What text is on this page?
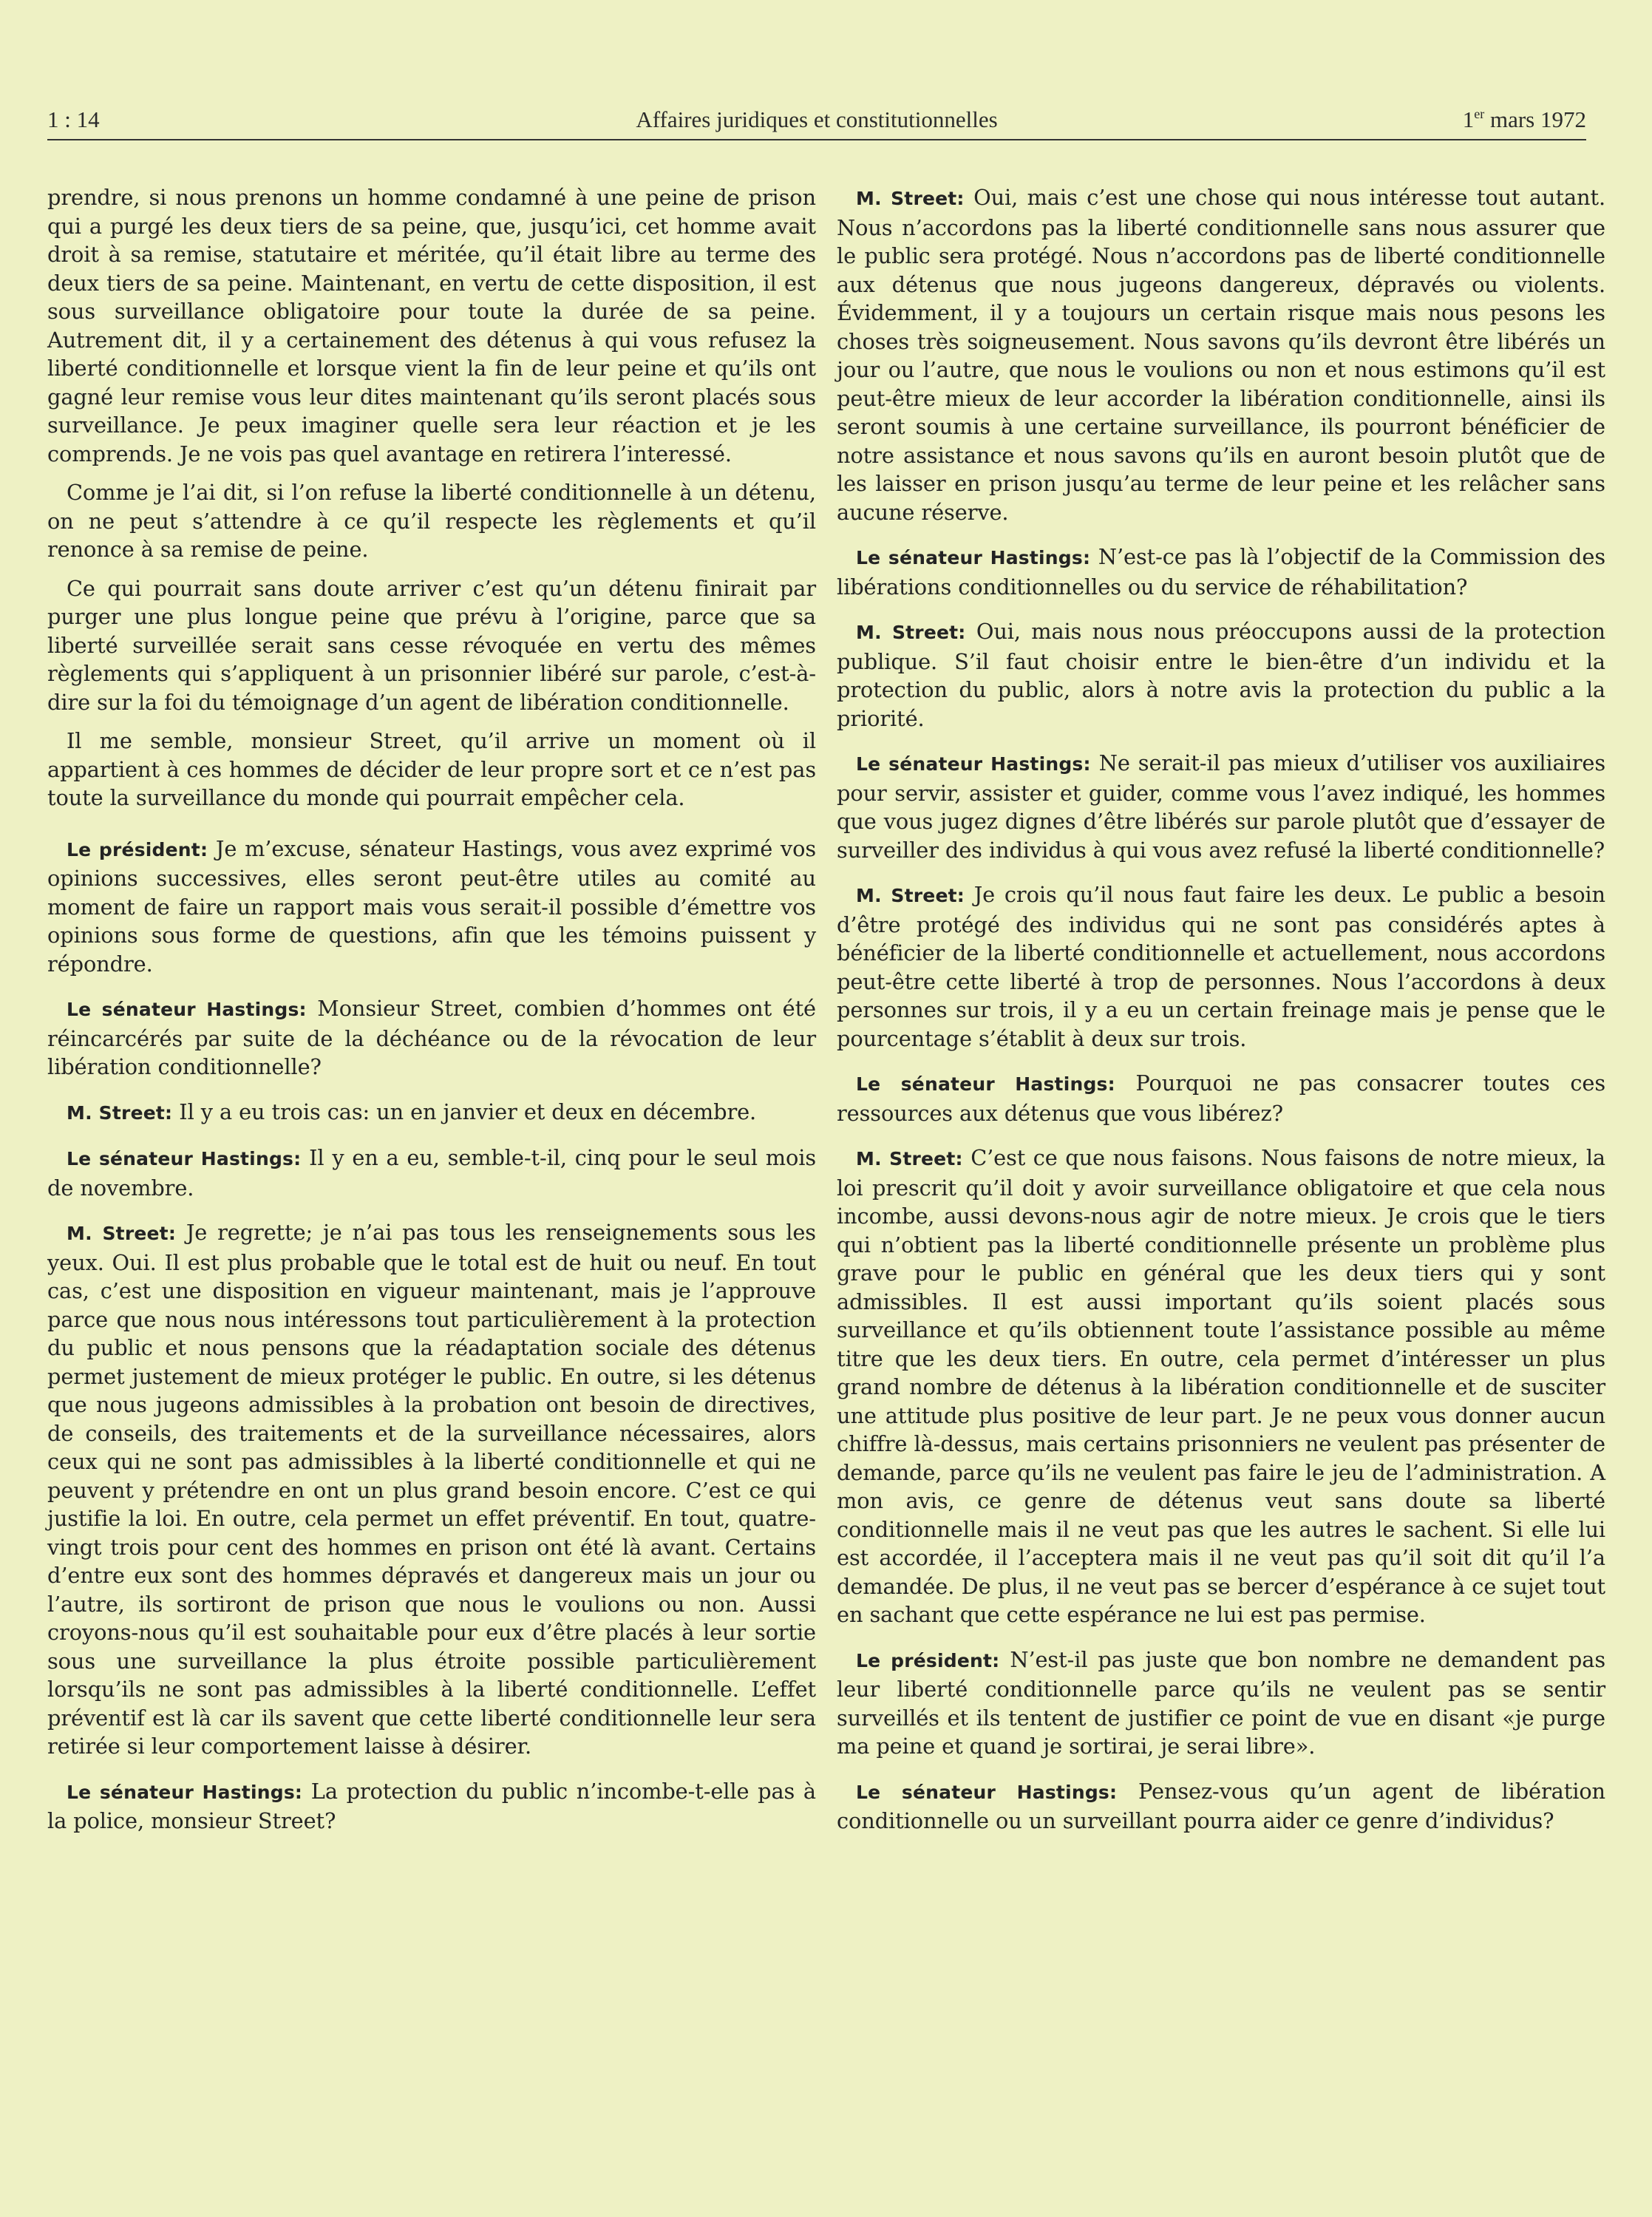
1 : 14	Affaires juridiques et constitutionnelles	1er mars 1972

prendre, si nous prenons un homme condamné à une peine de prison qui a purgé les deux tiers de sa peine, que, jusqu’ici, cet homme avait droit à sa remise, statutaire et méritée, qu’il était libre au terme des deux tiers de sa peine. Maintenant, en vertu de cette disposition, il est sous surveillance obligatoire pour toute la durée de sa peine. Autrement dit, il y a certainement des détenus à qui vous refusez la liberté conditionnelle et lorsque vient la fin de leur peine et qu’ils ont gagné leur remise vous leur dites maintenant qu’ils seront placés sous surveillance. Je peux imaginer quelle sera leur réaction et je les comprends. Je ne vois pas quel avantage en retirera l’interessé.

Comme je l’ai dit, si l’on refuse la liberté conditionnelle à un détenu, on ne peut s’attendre à ce qu’il respecte les règlements et qu’il renonce à sa remise de peine.

Ce qui pourrait sans doute arriver c’est qu’un détenu finirait par purger une plus longue peine que prévu à l’origine, parce que sa liberté surveillée serait sans cesse révoquée en vertu des mêmes règlements qui s’appliquent à un prisonnier libéré sur parole, c’est-à-dire sur la foi du témoignage d’un agent de libération conditionnelle.

Il me semble, monsieur Street, qu’il arrive un moment où il appartient à ces hommes de décider de leur propre sort et ce n’est pas toute la surveillance du monde qui pourrait empêcher cela.

Le président: Je m’excuse, sénateur Hastings, vous avez exprimé vos opinions successives, elles seront peut-être utiles au comité au moment de faire un rapport mais vous serait-il possible d’émettre vos opinions sous forme de questions, afin que les témoins puissent y répondre.

Le sénateur Hastings: Monsieur Street, combien d’hommes ont été réincarcérés par suite de la déchéance ou de la révocation de leur libération conditionnelle?

M. Street: Il y a eu trois cas: un en janvier et deux en décembre.

Le sénateur Hastings: Il y en a eu, semble-t-il, cinq pour le seul mois de novembre.

M. Street: Je regrette; je n’ai pas tous les renseignements sous les yeux. Oui. Il est plus probable que le total est de huit ou neuf. En tout cas, c’est une disposition en vigueur maintenant, mais je l’approuve parce que nous nous intéressons tout particulièrement à la protection du public et nous pensons que la réadaptation sociale des détenus permet justement de mieux protéger le public. En outre, si les détenus que nous jugeons admissibles à la probation ont besoin de directives, de conseils, des traitements et de la surveillance nécessaires, alors ceux qui ne sont pas admissibles à la liberté conditionnelle et qui ne peuvent y prétendre en ont un plus grand besoin encore. C’est ce qui justifie la loi. En outre, cela permet un effet préventif. En tout, quatre-vingt trois pour cent des hommes en prison ont été là avant. Certains d’entre eux sont des hommes dépravés et dangereux mais un jour ou l’autre, ils sortiront de prison que nous le voulions ou non. Aussi croyons-nous qu’il est souhaitable pour eux d’être placés à leur sortie sous une surveillance la plus étroite possible particulièrement lorsqu’ils ne sont pas admissibles à la liberté conditionnelle. L’effet préventif est là car ils savent que cette liberté conditionnelle leur sera retirée si leur comportement laisse à désirer.

Le sénateur Hastings: La protection du public n’incombe-t-elle pas à la police, monsieur Street?

M. Street: Oui, mais c’est une chose qui nous intéresse tout autant. Nous n’accordons pas la liberté conditionnelle sans nous assurer que le public sera protégé. Nous n’accordons pas de liberté conditionnelle aux détenus que nous jugeons dangereux, dépravés ou violents. Évidemment, il y a toujours un certain risque mais nous pesons les choses très soigneusement. Nous savons qu’ils devront être libérés un jour ou l’autre, que nous le voulions ou non et nous estimons qu’il est peut-être mieux de leur accorder la libération conditionnelle, ainsi ils seront soumis à une certaine surveillance, ils pourront bénéficier de notre assistance et nous savons qu’ils en auront besoin plutôt que de les laisser en prison jusqu’au terme de leur peine et les relâcher sans aucune réserve.

Le sénateur Hastings: N’est-ce pas là l’objectif de la Commission des libérations conditionnelles ou du service de réhabilitation?

M. Street: Oui, mais nous nous préoccupons aussi de la protection publique. S’il faut choisir entre le bien-être d’un individu et la protection du public, alors à notre avis la protection du public a la priorité.

Le sénateur Hastings: Ne serait-il pas mieux d’utiliser vos auxiliaires pour servir, assister et guider, comme vous l’avez indiqué, les hommes que vous jugez dignes d’être libérés sur parole plutôt que d’essayer de surveiller des individus à qui vous avez refusé la liberté conditionnelle?

M. Street: Je crois qu’il nous faut faire les deux. Le public a besoin d’être protégé des individus qui ne sont pas considérés aptes à bénéficier de la liberté conditionnelle et actuellement, nous accordons peut-être cette liberté à trop de personnes. Nous l’accordons à deux personnes sur trois, il y a eu un certain freinage mais je pense que le pourcentage s’établit à deux sur trois.

Le sénateur Hastings: Pourquoi ne pas consacrer toutes ces ressources aux détenus que vous libérez?

M. Street: C’est ce que nous faisons. Nous faisons de notre mieux, la loi prescrit qu’il doit y avoir surveillance obligatoire et que cela nous incombe, aussi devons-nous agir de notre mieux. Je crois que le tiers qui n’obtient pas la liberté conditionnelle présente un problème plus grave pour le public en général que les deux tiers qui y sont admissibles. Il est aussi important qu’ils soient placés sous surveillance et qu’ils obtiennent toute l’assistance possible au même titre que les deux tiers. En outre, cela permet d’intéresser un plus grand nombre de détenus à la libération conditionnelle et de susciter une attitude plus positive de leur part. Je ne peux vous donner aucun chiffre là-dessus, mais certains prisonniers ne veulent pas présenter de demande, parce qu’ils ne veulent pas faire le jeu de l’administration. A mon avis, ce genre de détenus veut sans doute sa liberté conditionnelle mais il ne veut pas que les autres le sachent. Si elle lui est accordée, il l’acceptera mais il ne veut pas qu’il soit dit qu’il l’a demandée. De plus, il ne veut pas se bercer d’espérance à ce sujet tout en sachant que cette espérance ne lui est pas permise.

Le président: N’est-il pas juste que bon nombre ne demandent pas leur liberté conditionnelle parce qu’ils ne veulent pas se sentir surveillés et ils tentent de justifier ce point de vue en disant «je purge ma peine et quand je sortirai, je serai libre».

Le sénateur Hastings: Pensez-vous qu’un agent de libération conditionnelle ou un surveillant pourra aider ce genre d’individus?
